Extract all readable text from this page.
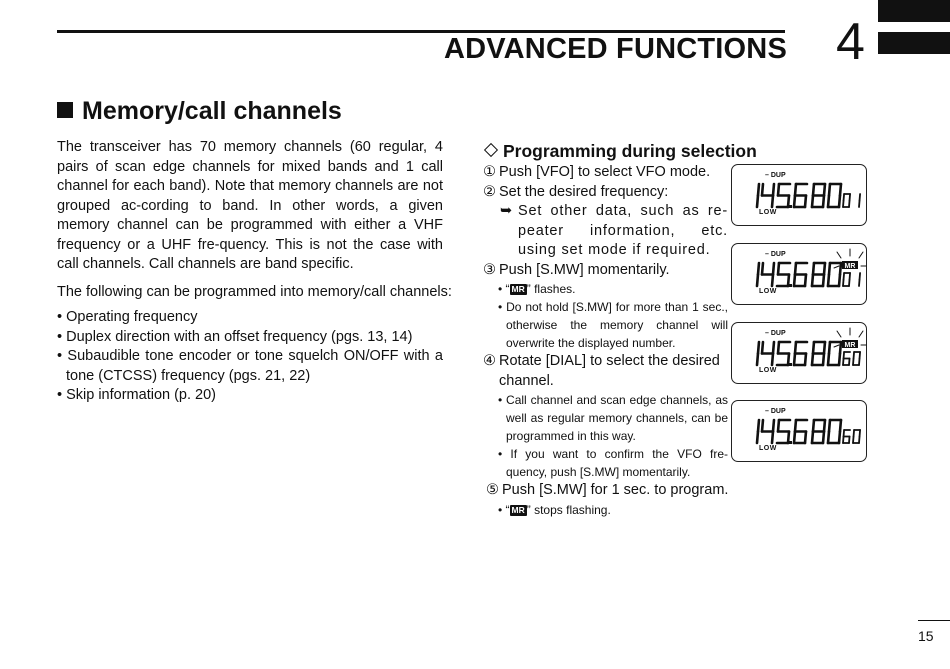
ADVANCED FUNCTIONS 4
Memory/call channels
The transceiver has 70 memory channels (60 regular, 4 pairs of scan edge channels for mixed bands and 1 call channel for each band). Note that memory channels are not grouped ac-cording to band. In other words, a given memory channel can be programmed with either a VHF frequency or a UHF fre-quency. This is not the case with call channels. Call channels are band specific.
The following can be programmed into memory/call channels:
• Operating frequency
• Duplex direction with an offset frequency (pgs. 13, 14)
• Subaudible tone encoder or tone squelch ON/OFF with a tone (CTCSS) frequency (pgs. 21, 22)
• Skip information (p. 20)
Programming during selection
① Push [VFO] to select VFO mode.
② Set the desired frequency:
➥ Set other data, such as re-peater information, etc. using set mode if required.
③ Push [S.MW] momentarily.
• “ MR ” flashes.
• Do not hold [S.MW] for more than 1 sec., otherwise the memory channel will overwrite the displayed number.
④ Rotate [DIAL] to select the desired channel.
• Call channel and scan edge channels, as well as regular memory channels, can be programmed in this way.
• If you want to confirm the VFO fre-quency, push [S.MW] momentarily.
⑤ Push [S.MW] for 1 sec. to program.
• “ MR ” stops flashing.
– DUP
LOW
– DUP
MR
LOW
– DUP
MR
LOW
– DUP
LOW
15
